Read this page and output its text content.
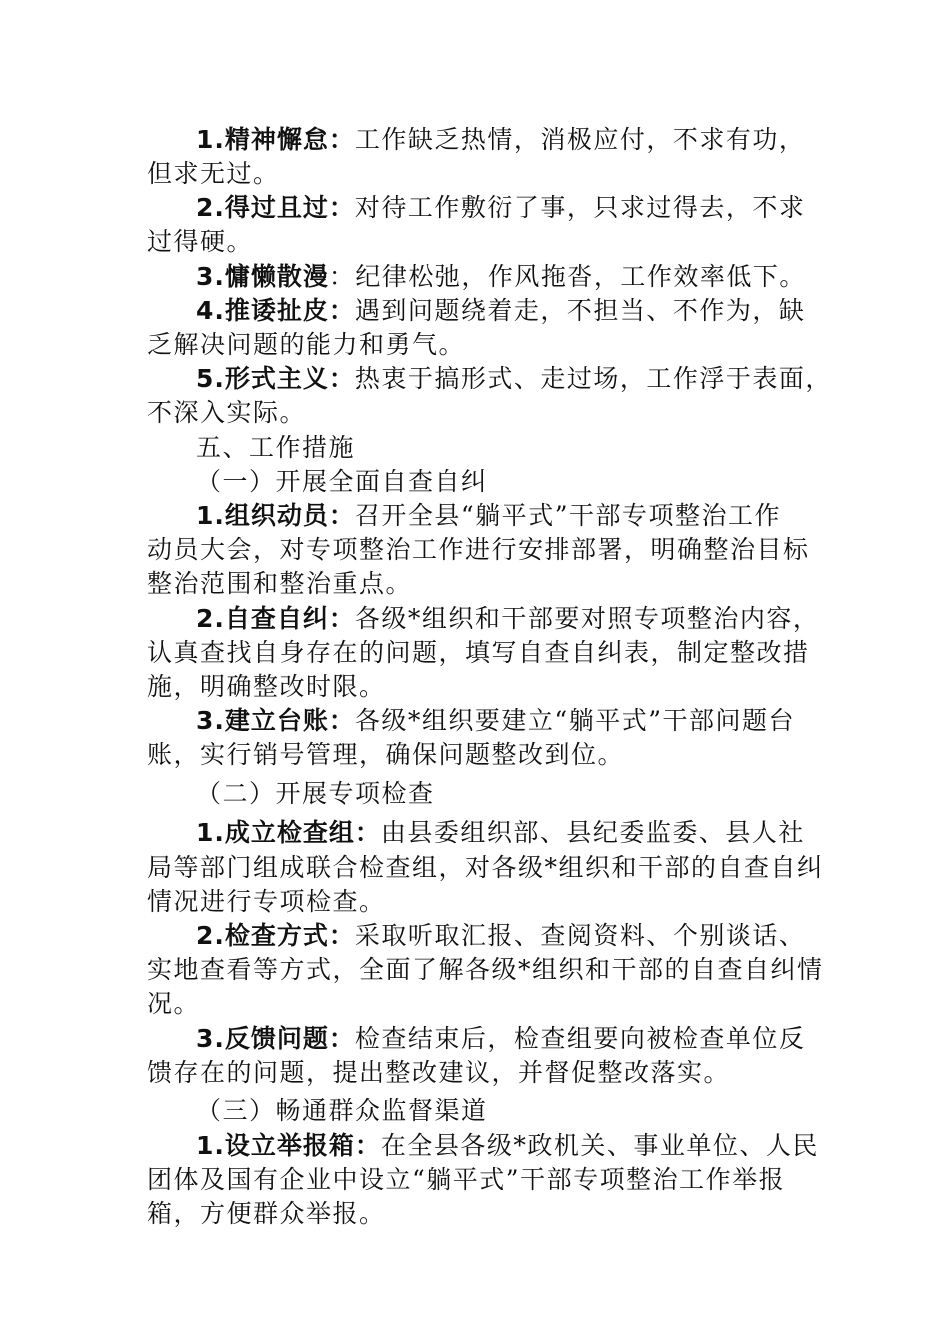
1.精神懈怠：工作缺乏热情，消极应付，不求有功，
但求无过。
2.得过且过：对待工作敷衍了事，只求过得去，不求
过得硬。
3.慵懒散漫：纪律松弛，作风拖沓，工作效率低下。
4.推诿扯皮：遇到问题绕着走，不担当、不作为，缺
乏解决问题的能力和勇气。
5.形式主义：热衷于搞形式、走过场，工作浮于表面，
不深入实际。
五、工作措施
（一）开展全面自查自纠
1.组织动员：召开全县“躺平式”干部专项整治工作
动员大会，对专项整治工作进行安排部署，明确整治目标
整治范围和整治重点。
2.自查自纠：各级*组织和干部要对照专项整治内容，
认真查找自身存在的问题，填写自查自纠表，制定整改措
施，明确整改时限。
3.建立台账：各级*组织要建立“躺平式”干部问题台
账，实行销号管理，确保问题整改到位。
（二）开展专项检查
1.成立检查组：由县委组织部、县纪委监委、县人社
局等部门组成联合检查组，对各级*组织和干部的自查自纠
情况进行专项检查。
2.检查方式：采取听取汇报、查阅资料、个别谈话、
实地查看等方式，全面了解各级*组织和干部的自查自纠情
况。
3.反馈问题：检查结束后，检查组要向被检查单位反
馈存在的问题，提出整改建议，并督促整改落实。
（三）畅通群众监督渠道
1.设立举报箱：在全县各级*政机关、事业单位、人民
团体及国有企业中设立“躺平式”干部专项整治工作举报
箱，方便群众举报。
